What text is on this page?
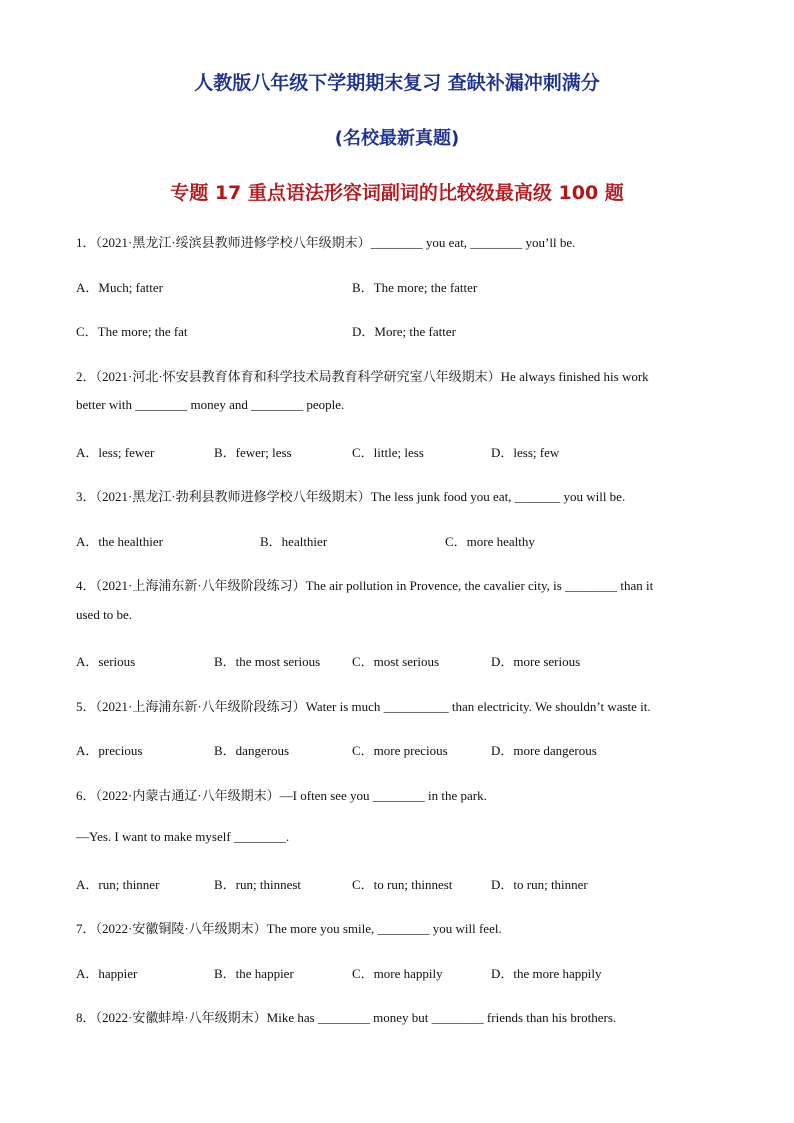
人教版八年级下学期期末复习 查缺补漏冲刺满分
(名校最新真题)
专题 17 重点语法形容词副词的比较级最高级 100 题
1．（2021·黑龙江·绥滨县教师进修学校八年级期末）________ you eat, ________ you’ll be.
A．Much; fatter	B．The more; the fatter
C．The more; the fat	D．More; the fatter
2．（2021·河北·怀安县教育体育和科学技术局教育科学研究室八年级期末）He always finished his work
better with ________ money and ________ people.
A．less; fewer	B．fewer; less	C．little; less	D．less; few
3．（2021·黑龙江·勃利县教师进修学校八年级期末）The less junk food you eat, _______ you will be.
A．the healthier	B．healthier	C．more healthy
4．（2021·上海浦东新·八年级阶段练习）The air pollution in Provence, the cavalier city, is ________ than it
used to be.
A．serious	B．the most serious C．most serious	D．more serious
5．（2021·上海浦东新·八年级阶段练习）Water is much __________ than electricity. We shouldn’t waste it.
A．precious	B．dangerous	C．more precious	D．more dangerous
6．（2022·内蒙古通辽·八年级期末）—I often see you ________ in the park.
—Yes. I want to make myself ________.
A．run; thinner	B．run; thinnest	C．to run; thinnest	D．to run; thinner
7．（2022·安徽铜陵·八年级期末）The more you smile, ________ you will feel.
A．happier	B．the happier	C．more happily	D．the more happily
8．（2022·安徽蚌埠·八年级期末）Mike has ________ money but ________ friends than his brothers.
